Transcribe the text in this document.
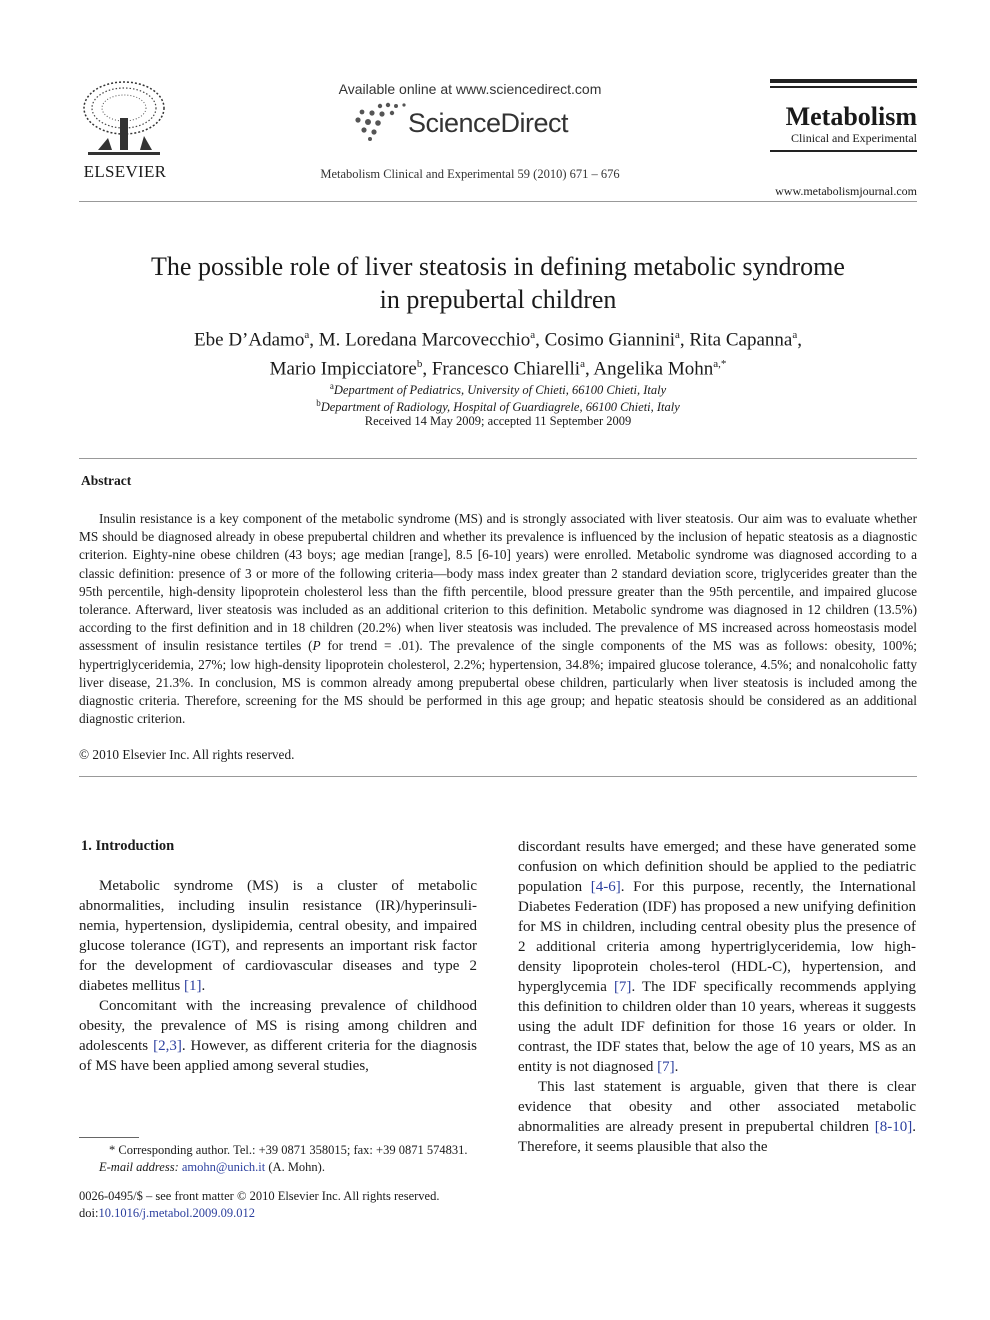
ELSEVIER
Available online at www.sciencedirect.com
ScienceDirect
Metabolism Clinical and Experimental 59 (2010) 671 – 676
Metabolism
Clinical and Experimental
www.metabolismjournal.com
The possible role of liver steatosis in defining metabolic syndrome
in prepubertal children
Ebe D’Adamo$^a$, M. Loredana Marcovecchio$^a$, Cosimo Giannini$^a$, Rita Capanna$^a$,
Mario Impicciatore$^b$, Francesco Chiarelli$^a$, Angelika Mohn$^{a,*}$
$^a$Department of Pediatrics, University of Chieti, 66100 Chieti, Italy
$^b$Department of Radiology, Hospital of Guardiagrele, 66100 Chieti, Italy
Received 14 May 2009; accepted 11 September 2009
Abstract
Insulin resistance is a key component of the metabolic syndrome (MS) and is strongly associated with liver steatosis. Our aim was to evaluate whether MS should be diagnosed already in obese prepubertal children and whether its prevalence is influenced by the inclusion of hepatic steatosis as a diagnostic criterion. Eighty-nine obese children (43 boys; age median [range], 8.5 [6-10] years) were enrolled. Metabolic syndrome was diagnosed according to a classic definition: presence of 3 or more of the following criteria—body mass index greater than 2 standard deviation score, triglycerides greater than the 95th percentile, high-density lipoprotein cholesterol less than the fifth percentile, blood pressure greater than the 95th percentile, and impaired glucose tolerance. Afterward, liver steatosis was included as an additional criterion to this definition. Metabolic syndrome was diagnosed in 12 children (13.5%) according to the first definition and in 18 children (20.2%) when liver steatosis was included. The prevalence of MS increased across homeostasis model assessment of insulin resistance tertiles (P for trend = .01). The prevalence of the single components of the MS was as follows: obesity, 100%; hypertriglyceridemia, 27%; low high-density lipoprotein cholesterol, 2.2%; hypertension, 34.8%; impaired glucose tolerance, 4.5%; and nonalcoholic fatty liver disease, 21.3%. In conclusion, MS is common already among prepubertal obese children, particularly when liver steatosis is included among the diagnostic criteria. Therefore, screening for the MS should be performed in this age group; and hepatic steatosis should be considered as an additional diagnostic criterion.
© 2010 Elsevier Inc. All rights reserved.
1. Introduction

Metabolic syndrome (MS) is a cluster of metabolic abnormalities, including insulin resistance (IR)/hyperinsuli-nemia, hypertension, dyslipidemia, central obesity, and impaired glucose tolerance (IGT), and represents an important risk factor for the development of cardiovascular diseases and type 2 diabetes mellitus [1].

Concomitant with the increasing prevalence of childhood obesity, the prevalence of MS is rising among children and adolescents [2,3]. However, as different criteria for the diagnosis of MS have been applied among several studies,

discordant results have emerged; and these have generated some confusion on which definition should be applied to the pediatric population [4-6]. For this purpose, recently, the International Diabetes Federation (IDF) has proposed a new unifying definition for MS in children, including central obesity plus the presence of 2 additional criteria among hypertriglyceridemia, low high-density lipoprotein choles-terol (HDL-C), hypertension, and hyperglycemia [7]. The IDF specifically recommends applying this definition to children older than 10 years, whereas it suggests using the adult IDF definition for those 16 years or older. In contrast, the IDF states that, below the age of 10 years, MS as an entity is not diagnosed [7].

This last statement is arguable, given that there is clear evidence that obesity and other associated metabolic abnormalities are already present in prepubertal children [8-10]. Therefore, it seems plausible that also the

* Corresponding author. Tel.: +39 0871 358015; fax: +39 0871 574831.
E-mail address: amohn@unich.it (A. Mohn).
0026-0495/$ – see front matter © 2010 Elsevier Inc. All rights reserved.
doi:10.1016/j.metabol.2009.09.012
